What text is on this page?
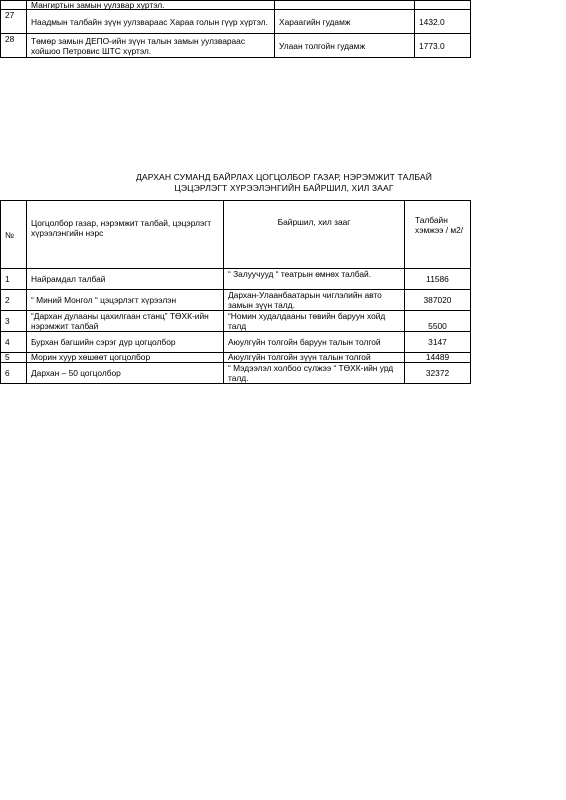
	Мангиртын замын уулзвар хүртэл.		
27	Наадмын талбайн зүүн уулзвараас Хараа голын гүүр хүртэл.	Хараагийн гудамж	1432.0
28	Төмөр замын ДЕПО-ийн зүүн талын замын уулзвараас хойшоо Петровис ШТС хүртэл.	Улаан толгойн гудамж	1773.0
ДАРХАН СУМАНД БАЙРЛАХ ЦОГЦОЛБОР ГАЗАР, НЭРЭМЖИТ ТАЛБАЙ
ЦЭЦЭРЛЭГТ ХҮРЭЭЛЭНГИЙН БАЙРШИЛ, ХИЛ ЗААГ
№	Цогцолбор газар, нэрэмжит талбай, цэцэрлэгт хүрээлэнгийн нэрс	Байршил, хил зааг	Талбайн хэмжээ / м2/
1	Найрамдал талбай	“ Залуучууд “ театрын өмнөх талбай.	11586
2	“ Миний Монгол “ цэцэрлэгт хүрээлэн	Дархан-Улаанбаатарын чиглэлийн авто замын зүүн талд.	387020
3	“Дархан дулааны цахилгаан станц” ТӨХК-ийн нэрэмжит талбай	“Номин худалдааны төвийн баруун хойд талд	5500
4	Бурхан багшийн сэрэг дүр цогцолбор	Аюулгүйн толгойн баруун талын толгой	3147
5	Морин хуур хөшөөт цогцолбор	Аюулгүйн толгойн зүүн талын толгой	14489
6	Дархан – 50 цогцолбор	“ Мэдээлэл холбоо сүлжээ “ ТӨХК-ийн урд талд.	32372
